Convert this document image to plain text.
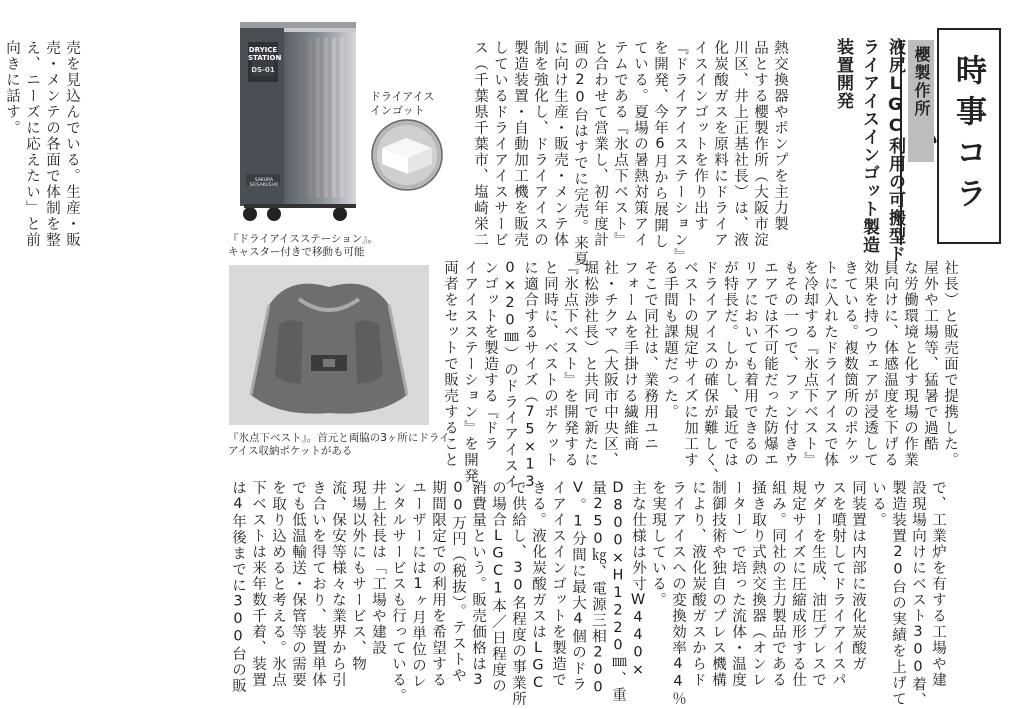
時事コラ
櫻製作所
液尻LGC利用の可搬型ド
ライアイスインゴット製造
装置開発
熱交換器やポンプを主力製
品とする櫻製作所（大阪市淀
川区、井上正基社長）は、液
化炭酸ガスを原料にドライア
イスインゴットを作り出す
『ドライアイスステーション』
を開発、今年6月から展開し
ている。夏場の暑熱対策アイ
テムである『氷点下ベスト』
と合わせて営業し、初年度計
画の20台はすでに完売。来夏
に向け生産・販売・メンテ体
制を強化し、ドライアイスの
製造装置・自動加工機を販売
しているドライアイスサービ
ス（千葉県千葉市、塩崎栄二
社長）と販売面で提携した。
屋外や工場等、猛暑で過酷
な労働環境と化す現場の作業
員向けに、体感温度を下げる
効果を持つウェアが浸透して
きている。複数箇所のポケッ
トに入れたドライアイスで体
を冷却する『氷点下ベスト』
もその一つで、ファン付きウ
エアでは不可能だった防爆エ
リアにおいても着用できるの
が特長だ。しかし、最近では
ドライアイスの確保が難しく、
ベストの規定サイズに加工す
る手間も課題だった。
そこで同社は、業務用ユニ
フォームを手掛ける繊維商
社・チクマ（大阪市中央区、
堀松渉社長）と共同で新たに
『氷点下ベスト』を開発する
と同時に、ベストのポケット
に適合するサイズ（75×13
0×20㎜）のドライアイスイ
ンゴットを製造する『ドラ
イアイスステーション』を開発。
両者をセットで販売すること
で、工業炉を有する工場や建
設現場向けにベスト300着、
製造装置20台の実績を上げて
いる。
同装置は内部に液化炭酸ガ
スを噴射してドライアイスパ
ウダーを生成、油圧プレスで
規定サイズに圧縮成形する仕
組み。同社の主力製品である
掻き取り式熱交換器（オンレ
ーター）で培った流体・温度
制御技術や独自のプレス機構
により、液化炭酸ガスからド
ライアイスへの変換効率44％
を実現している。
主な仕様は外寸W440×
D800×H1220㎜、重
量250㎏、電源三相200
V。1分間に最大4個のドラ
イアイスインゴットを製造で
きる。液化炭酸ガスはLGC
で供給し、30名程度の事業所
の場合LGC1本／日程度の
消費量という。販売価格は3
00万円（税抜）。テストや
期間限定での利用を希望する
ユーザーには1ヶ月単位のレ
ンタルサービスも行っている。
井上社長は「工場や建設
現場以外にもサービス、物
流、保安等様々な業界から引
き合いを得ており、装置単体
でも低温輸送・保管等の需要
を取り込めると考える。氷点
下ベストは来年数千着、装置
は4年後までに300台の販
売を見込んでいる。生産・販
売・メンテの各面で体制を整
え、ニーズに応えたい」と前
向きに話す。	DRYICE
STATION
DS-01
SAKURA SEISAKUSHO
ドライアイス
インゴット
『ドライアイスステーション』。
キャスター付きで移動も可能
『氷点下ベスト』。首元と両脇の3ヶ所にドライ
アイス収納ポケットがある
